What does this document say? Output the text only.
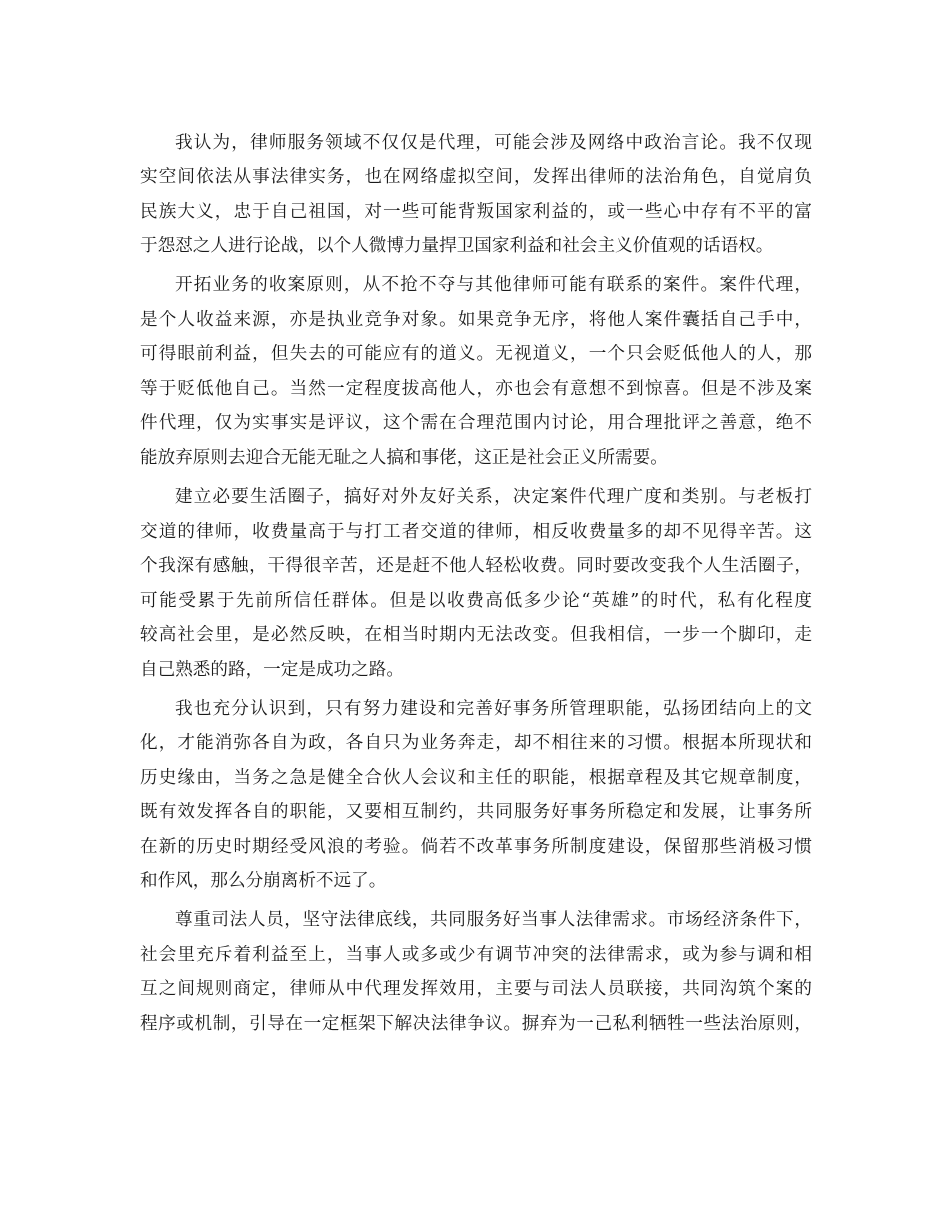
我认为，律师服务领域不仅仅是代理，可能会涉及网络中政治言论。我不仅现
实空间依法从事法律实务，也在网络虚拟空间，发挥出律师的法治角色，自觉肩负
民族大义，忠于自己祖国，对一些可能背叛国家利益的，或一些心中存有不平的富
于怨怼之人进行论战，以个人微博力量捍卫国家利益和社会主义价值观的话语权。
开拓业务的收案原则，从不抢不夺与其他律师可能有联系的案件。案件代理，
是个人收益来源，亦是执业竞争对象。如果竞争无序，将他人案件囊括自己手中，
可得眼前利益，但失去的可能应有的道义。无视道义，一个只会贬低他人的人，那
等于贬低他自己。当然一定程度拔高他人，亦也会有意想不到惊喜。但是不涉及案
件代理，仅为实事实是评议，这个需在合理范围内讨论，用合理批评之善意，绝不
能放弃原则去迎合无能无耻之人搞和事佬，这正是社会正义所需要。
建立必要生活圈子，搞好对外友好关系，决定案件代理广度和类别。与老板打
交道的律师，收费量高于与打工者交道的律师，相反收费量多的却不见得辛苦。这
个我深有感触，干得很辛苦，还是赶不他人轻松收费。同时要改变我个人生活圈子，
可能受累于先前所信任群体。但是以收费高低多少论“英雄”的时代，私有化程度
较高社会里，是必然反映，在相当时期内无法改变。但我相信，一步一个脚印，走
自己熟悉的路，一定是成功之路。
我也充分认识到，只有努力建设和完善好事务所管理职能，弘扬团结向上的文
化，才能消弥各自为政，各自只为业务奔走，却不相往来的习惯。根据本所现状和
历史缘由，当务之急是健全合伙人会议和主任的职能，根据章程及其它规章制度，
既有效发挥各自的职能，又要相互制约，共同服务好事务所稳定和发展，让事务所
在新的历史时期经受风浪的考验。倘若不改革事务所制度建设，保留那些消极习惯
和作风，那么分崩离析不远了。
尊重司法人员，坚守法律底线，共同服务好当事人法律需求。市场经济条件下，
社会里充斥着利益至上，当事人或多或少有调节冲突的法律需求，或为参与调和相
互之间规则商定，律师从中代理发挥效用，主要与司法人员联接，共同沟筑个案的
程序或机制，引导在一定框架下解决法律争议。摒弃为一己私利牺牲一些法治原则，
